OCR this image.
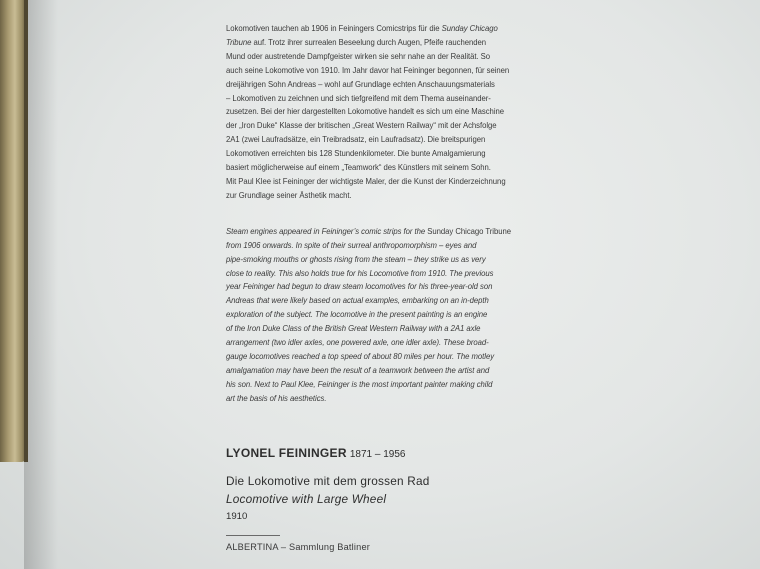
Lokomotiven tauchen ab 1906 in Feiningers Comicstrips für die Sunday Chicago
Tribune auf. Trotz ihrer surrealen Beseelung durch Augen, Pfeife rauchenden
Mund oder austretende Dampfgeister wirken sie sehr nahe an der Realität. So
auch seine Lokomotive von 1910. Im Jahr davor hat Feininger begonnen, für seinen
dreijährigen Sohn Andreas – wohl auf Grundlage echten Anschauungsmaterials
– Lokomotiven zu zeichnen und sich tiefgreifend mit dem Thema auseinander-
zusetzen. Bei der hier dargestellten Lokomotive handelt es sich um eine Maschine
der „Iron Duke“ Klasse der britischen „Great Western Railway“ mit der Achsfolge
2A1 (zwei Laufradsätze, ein Treibradsatz, ein Laufradsatz). Die breitspurigen
Lokomotiven erreichten bis 128 Stundenkilometer. Die bunte Amalgamierung
basiert möglicherweise auf einem „Teamwork“ des Künstlers mit seinem Sohn.
Mit Paul Klee ist Feininger der wichtigste Maler, der die Kunst der Kinderzeichnung
zur Grundlage seiner Ästhetik macht.
Steam engines appeared in Feininger’s comic strips for the Sunday Chicago Tribune
from 1906 onwards. In spite of their surreal anthropomorphism – eyes and
pipe-smoking mouths or ghosts rising from the steam – they strike us as very
close to reality. This also holds true for his Locomotive from 1910. The previous
year Feininger had begun to draw steam locomotives for his three-year-old son
Andreas that were likely based on actual examples, embarking on an in-depth
exploration of the subject. The locomotive in the present painting is an engine
of the Iron Duke Class of the British Great Western Railway with a 2A1 axle
arrangement (two idler axles, one powered axle, one idler axle). These broad-
gauge locomotives reached a top speed of about 80 miles per hour. The motley
amalgamation may have been the result of a teamwork between the artist and
his son. Next to Paul Klee, Feininger is the most important painter making child
art the basis of his aesthetics.
LYONEL FEININGER 1871 – 1956
Die Lokomotive mit dem grossen Rad
Locomotive with Large Wheel
1910
ALBERTINA – Sammlung Batliner
